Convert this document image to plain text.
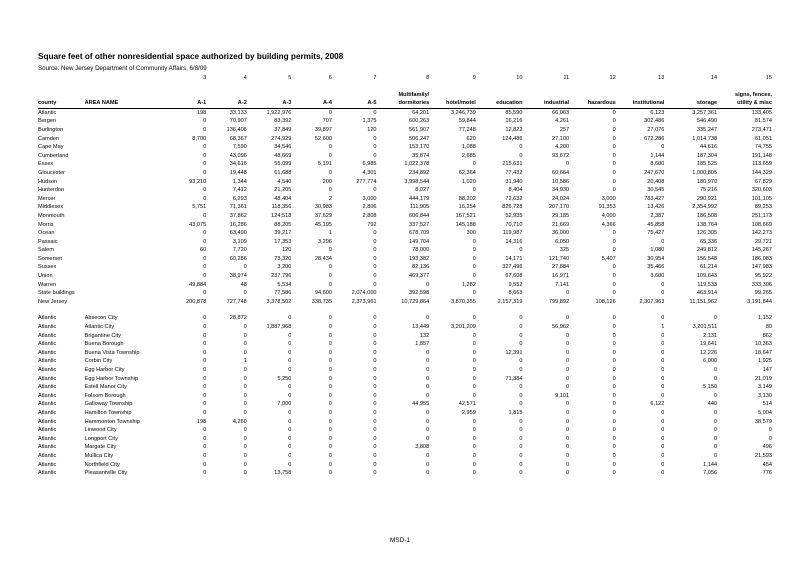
Square feet of other nonresidential space authorized by building permits, 2008
Source: New Jersey Department of Community Affairs, 6/8/09
		3	4	5	6	7	8	9	10	11	12	13	14	15

							Multifamily/							signs, fences,
county	AREA NAME	A-1	A-2	A-3	A-4	A-5	dormitories	hotel/motel	education	industrial	hazardous	institutional	storage	utility & misc
Atlantic		198	33,133	1,922,976	0	0	64,201	3,246,739	85,590	66,063	0	6,123	3,257,361	133,405
Bergen		0	70,907	83,392	707	1,375	600,263	59,844	16,216	4,261	0	302,486	546,490	81,574
Burlington		0	136,406	37,849	39,897	120	561,907	77,248	12,822	257	0	27,076	335,247	273,471
Camden		8,700	68,367	274,929	52,600	0	506,247	620	124,486	27,100	0	672,286	1,014,738	61,051
Cape May		0	7,590	34,546	0	0	153,170	1,088	0	4,200	0	0	44,616	74,755
Cumberland		0	43,096	48,669	0	0	35,874	2,685	0	93,672	0	1,144	187,304	191,148
Essex		0	34,616	55,099	5,191	6,985	1,022,378	0	215,631	0	0	8,600	185,525	113,659
Gloucester		0	19,448	61,688	0	4,301	234,892	62,364	77,432	60,664	0	247,670	1,000,805	144,329
Hudson		93,210	1,344	4,540	200	277,774	3,998,544	1,020	31,940	10,586	0	20,408	180,970	67,829
Hunterdon		0	7,412	21,205	0	0	8,027	0	8,404	34,930	0	30,545	75,216	320,603
Mercer		0	6,293	48,404	2	3,000	444,179	88,202	72,632	24,024	3,000	783,427	290,921	101,105
Middlesex		5,751	71,361	118,356	30,983	2,806	111,905	16,254	826,728	207,170	91,353	13,426	2,354,992	89,253
Monmouth		0	37,862	124,518	37,629	2,808	606,844	167,521	52,935	29,185	4,000	2,387	186,508	251,173
Morris		43,075	16,286	88,205	45,195	792	337,527	145,188	70,710	21,669	4,366	45,858	138,764	108,669
Ocean		0	63,490	39,217	1	0	678,709	300	119,987	36,000	0	75,427	126,305	142,273
Passaic		0	3,109	17,353	3,296	0	149,704	0	14,316	6,050	0	0	65,336	29,721
Salem		60	7,720	120	0	0	78,000	0	0	325	0	1,080	249,812	145,267
Somerset		0	60,286	73,320	28,434	0	193,382	0	14,171	121,740	5,407	30,954	156,548	186,083
Sussex		0	0	3,200	0	0	82,136	0	327,496	27,884	0	35,466	61,214	147,983
Union		0	38,974	237,796	0	0	469,377	0	67,608	16,971	0	3,600	109,643	95,922
Warren		49,884	48	5,534	0	0	0	1,282	9,552	7,141	0	0	119,533	333,306
State buildings		0	0	77,586	94,600	2,074,000	392,598	0	8,663	0	0	0	463,914	99,265
New Jersey		200,878	727,748	3,378,502	338,735	2,373,961	10,729,864	3,870,355	2,157,319	799,892	108,126	2,307,963	11,151,962	3,191,844

Atlantic	Absecon City	0	28,872	0	0	0	0	0	0	0	0	0	0	1,152
Atlantic	Atlantic City	0	0	1,887,968	0	0	13,449	3,201,209	0	56,962	0	1	3,201,511	80
Atlantic	Brigantine City	0	0	0	0	0	132	0	0	0	0	0	2,131	862
Atlantic	Buena Borough	0	0	0	0	0	1,857	0	0	0	0	0	19,641	10,363
Atlantic	Buena Vista Township	0	0	0	0	0	0	0	12,391	0	0	0	12,226	18,647
Atlantic	Corbin City	0	1	0	0	0	0	0	0	0	0	0	6,000	1,925
Atlantic	Egg Harbor City	0	0	0	0	0	0	0	0	0	0	0	0	147
Atlantic	Egg Harbor Township	0	0	5,250	0	0	0	0	71,384	0	0	0	0	21,019
Atlantic	Estell Manor City	0	0	0	0	0	0	0	0	0	0	0	5,150	3,149
Atlantic	Folsom Borough	0	0	0	0	0	0	0	0	9,101	0	0	0	3,130
Atlantic	Galloway Township	0	0	7,000	0	0	44,955	42,571	0	0	0	6,122	440	514
Atlantic	Hamilton Township	0	0	0	0	0	0	2,959	1,815	0	0	0	0	5,004
Atlantic	Hammonton Township	198	4,260	0	0	0	0	0	0	0	0	0	0	38,579
Atlantic	Linwood City	0	0	0	0	0	0	0	0	0	0	0	0	0
Atlantic	Longport City	0	0	0	0	0	0	0	0	0	0	0	0	0
Atlantic	Margate City	0	0	0	0	0	3,808	0	0	0	0	0	0	496
Atlantic	Mullica City	0	0	0	0	0	0	0	0	0	0	0	0	21,593
Atlantic	Northfield City	0	0	0	0	0	0	0	0	0	0	0	1,144	454
Atlantic	Pleasantville City	0	0	13,758	0	0	0	0	0	0	0	0	7,056	776
MSD-1
